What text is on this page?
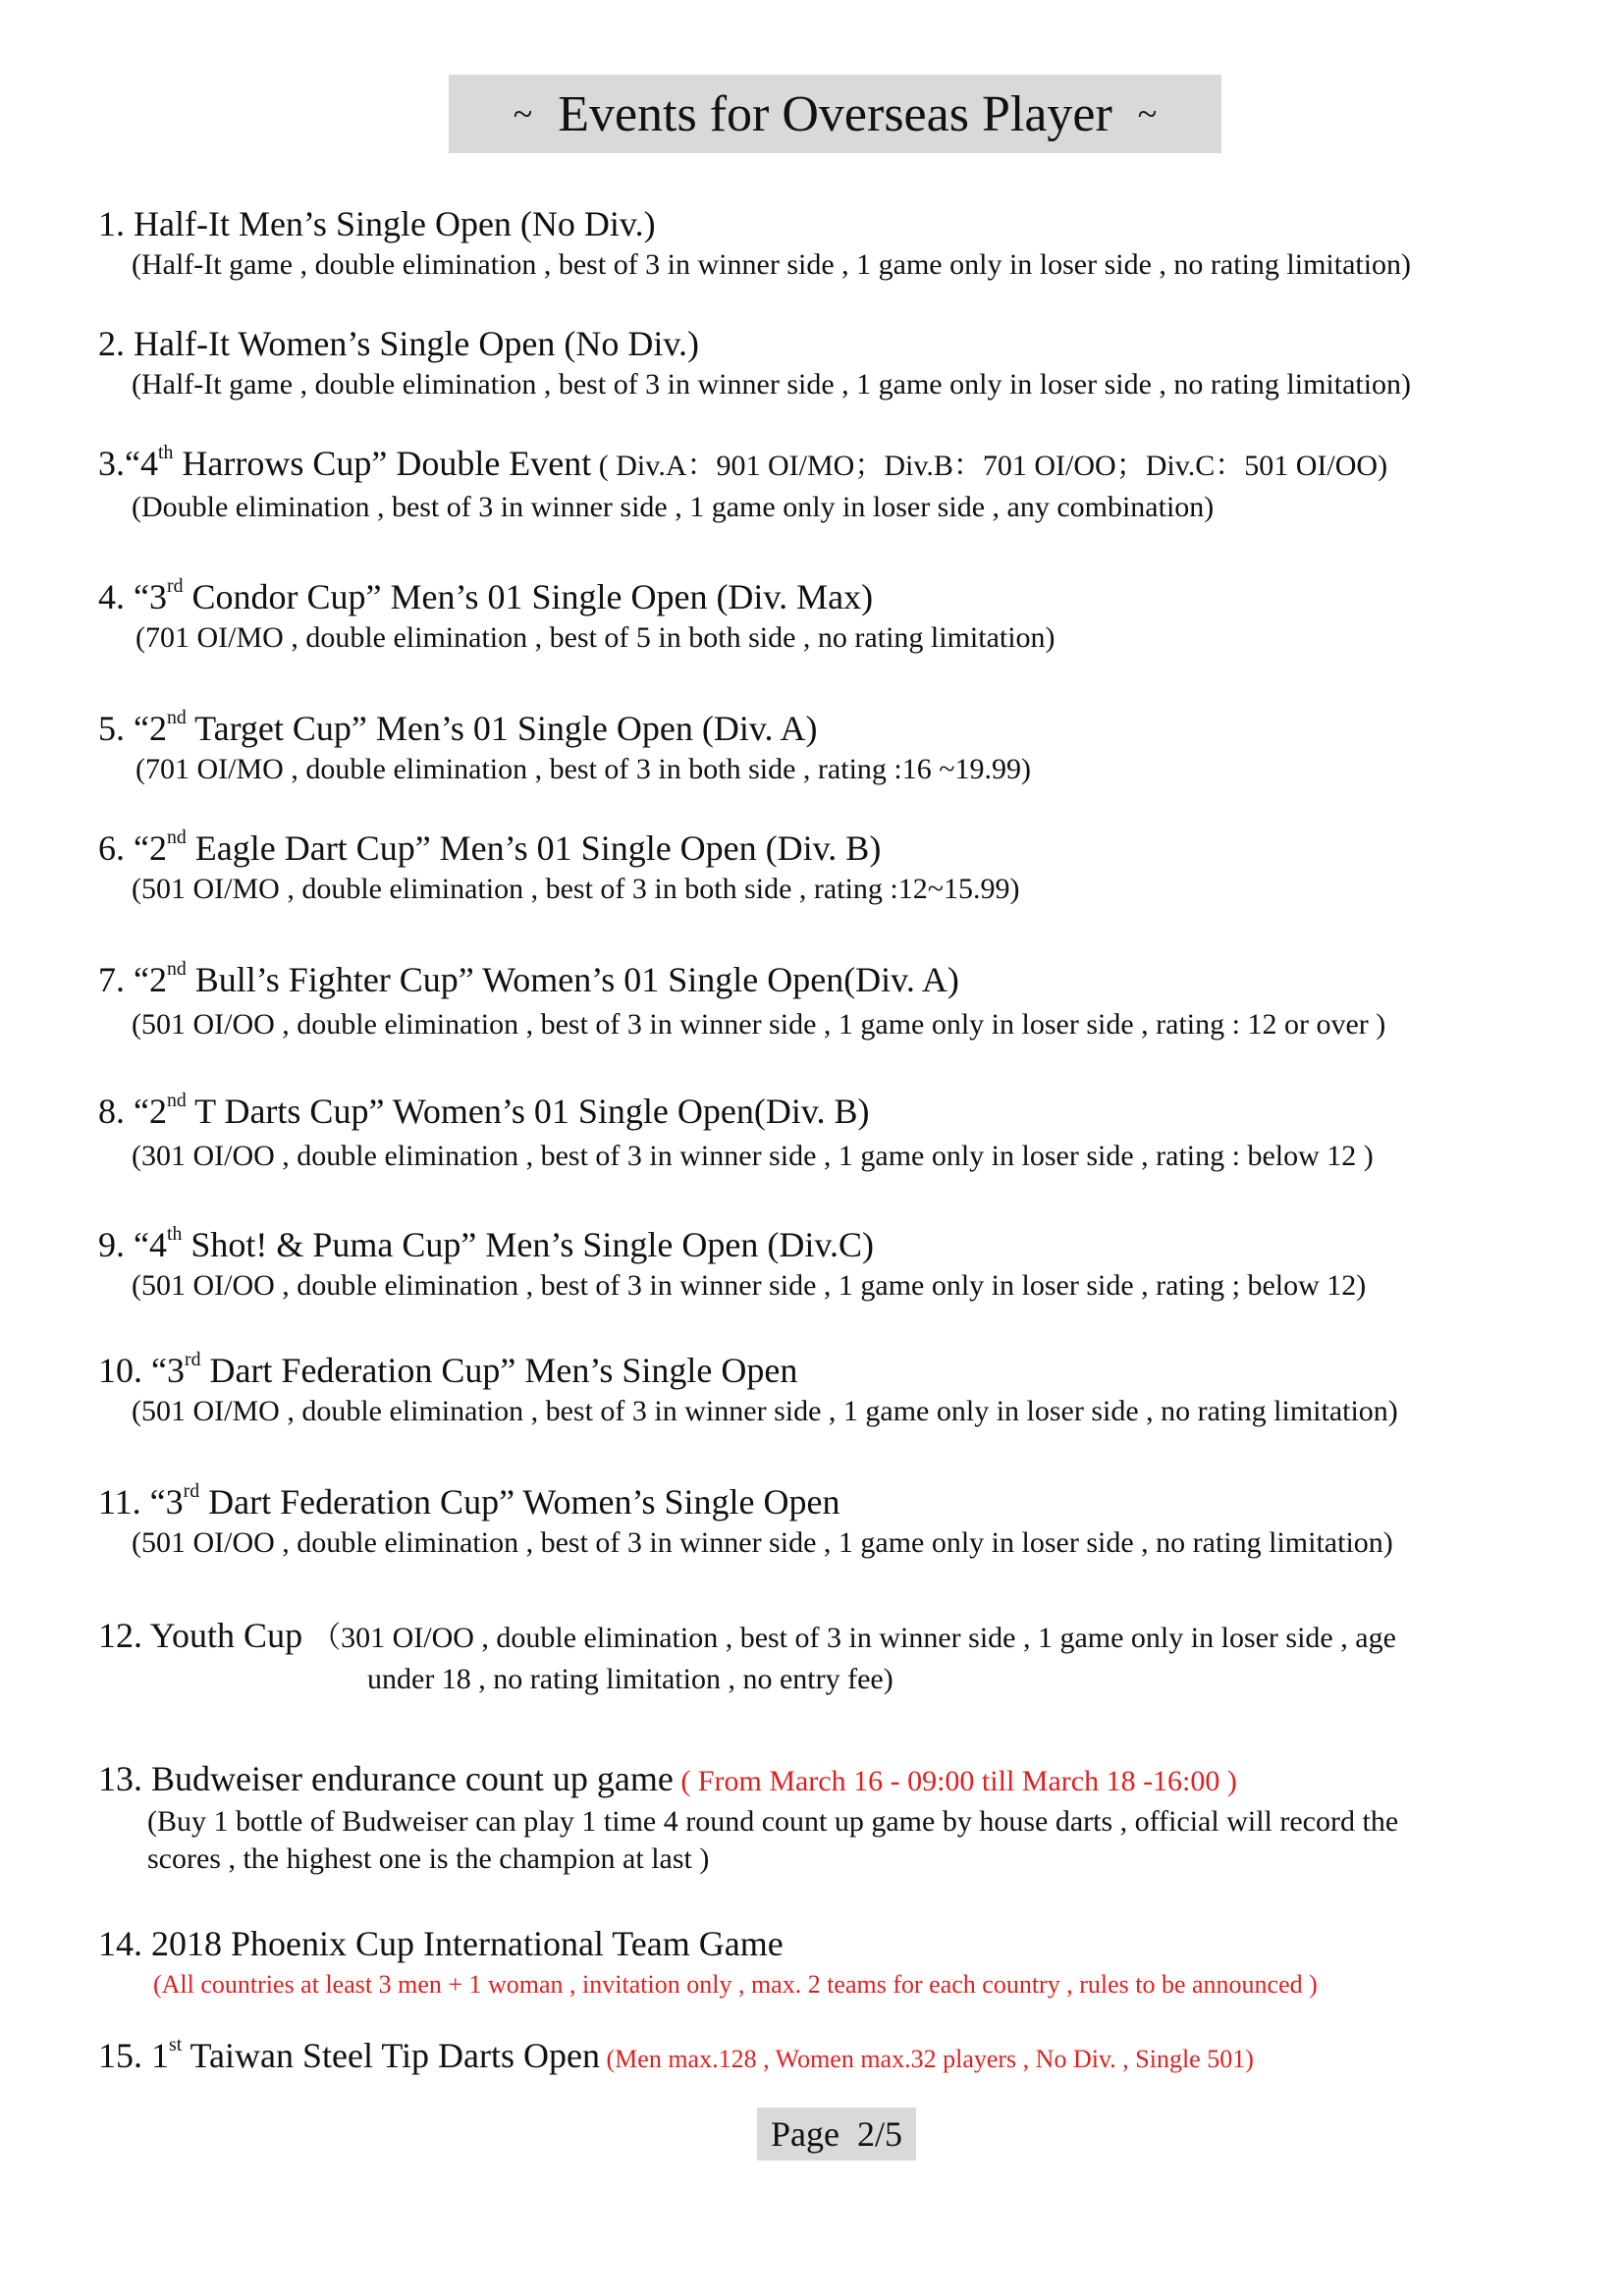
~
Events for Overseas Player
~
1. Half-It Men’s Single Open (No Div.)
(Half-It game , double elimination , best of 3 in winner side , 1 game only in loser side , no rating limitation)
2. Half-It Women’s Single Open (No Div.)
(Half-It game , double elimination , best of 3 in winner side , 1 game only in loser side , no rating limitation)
3.“4th Harrows Cup” Double Event ( Div.A：901 OI/MO；Div.B：701 OI/OO；Div.C：501 OI/OO)
(Double elimination , best of 3 in winner side , 1 game only in loser side , any combination)
4. “3rd Condor Cup” Men’s 01 Single Open (Div. Max)
(701 OI/MO , double elimination , best of 5 in both side , no rating limitation)
5. “2nd Target Cup” Men’s 01 Single Open (Div. A)
(701 OI/MO , double elimination , best of 3 in both side , rating :16 ~19.99)
6. “2nd Eagle Dart Cup” Men’s 01 Single Open (Div. B)
(501 OI/MO , double elimination , best of 3 in both side , rating :12~15.99)
7. “2nd Bull’s Fighter Cup” Women’s 01 Single Open(Div. A)
(501 OI/OO , double elimination , best of 3 in winner side , 1 game only in loser side , rating : 12 or over )
8. “2nd T Darts Cup” Women’s 01 Single Open(Div. B)
(301 OI/OO , double elimination , best of 3 in winner side , 1 game only in loser side , rating : below 12 )
9. “4th Shot! & Puma Cup” Men’s Single Open (Div.C)
(501 OI/OO , double elimination , best of 3 in winner side , 1 game only in loser side , rating ; below 12)
10. “3rd Dart Federation Cup” Men’s Single Open
(501 OI/MO , double elimination , best of 3 in winner side , 1 game only in loser side , no rating limitation)
11. “3rd Dart Federation Cup” Women’s Single Open
(501 OI/OO , double elimination , best of 3 in winner side , 1 game only in loser side , no rating limitation)
12. Youth Cup （301 OI/OO , double elimination , best of 3 in winner side , 1 game only in loser side , age
under 18 , no rating limitation , no entry fee)
13. Budweiser endurance count up game ( From March 16 - 09:00 till March 18 -16:00 )
(Buy 1 bottle of Budweiser can play 1 time 4 round count up game by house darts , official will record the
scores , the highest one is the champion at last )
14. 2018 Phoenix Cup International Team Game
(All countries at least 3 men + 1 woman , invitation only , max. 2 teams for each country , rules to be announced )
15. 1st Taiwan Steel Tip Darts Open (Men max.128 , Women max.32 players , No Div. , Single 501)
Page
2/5
